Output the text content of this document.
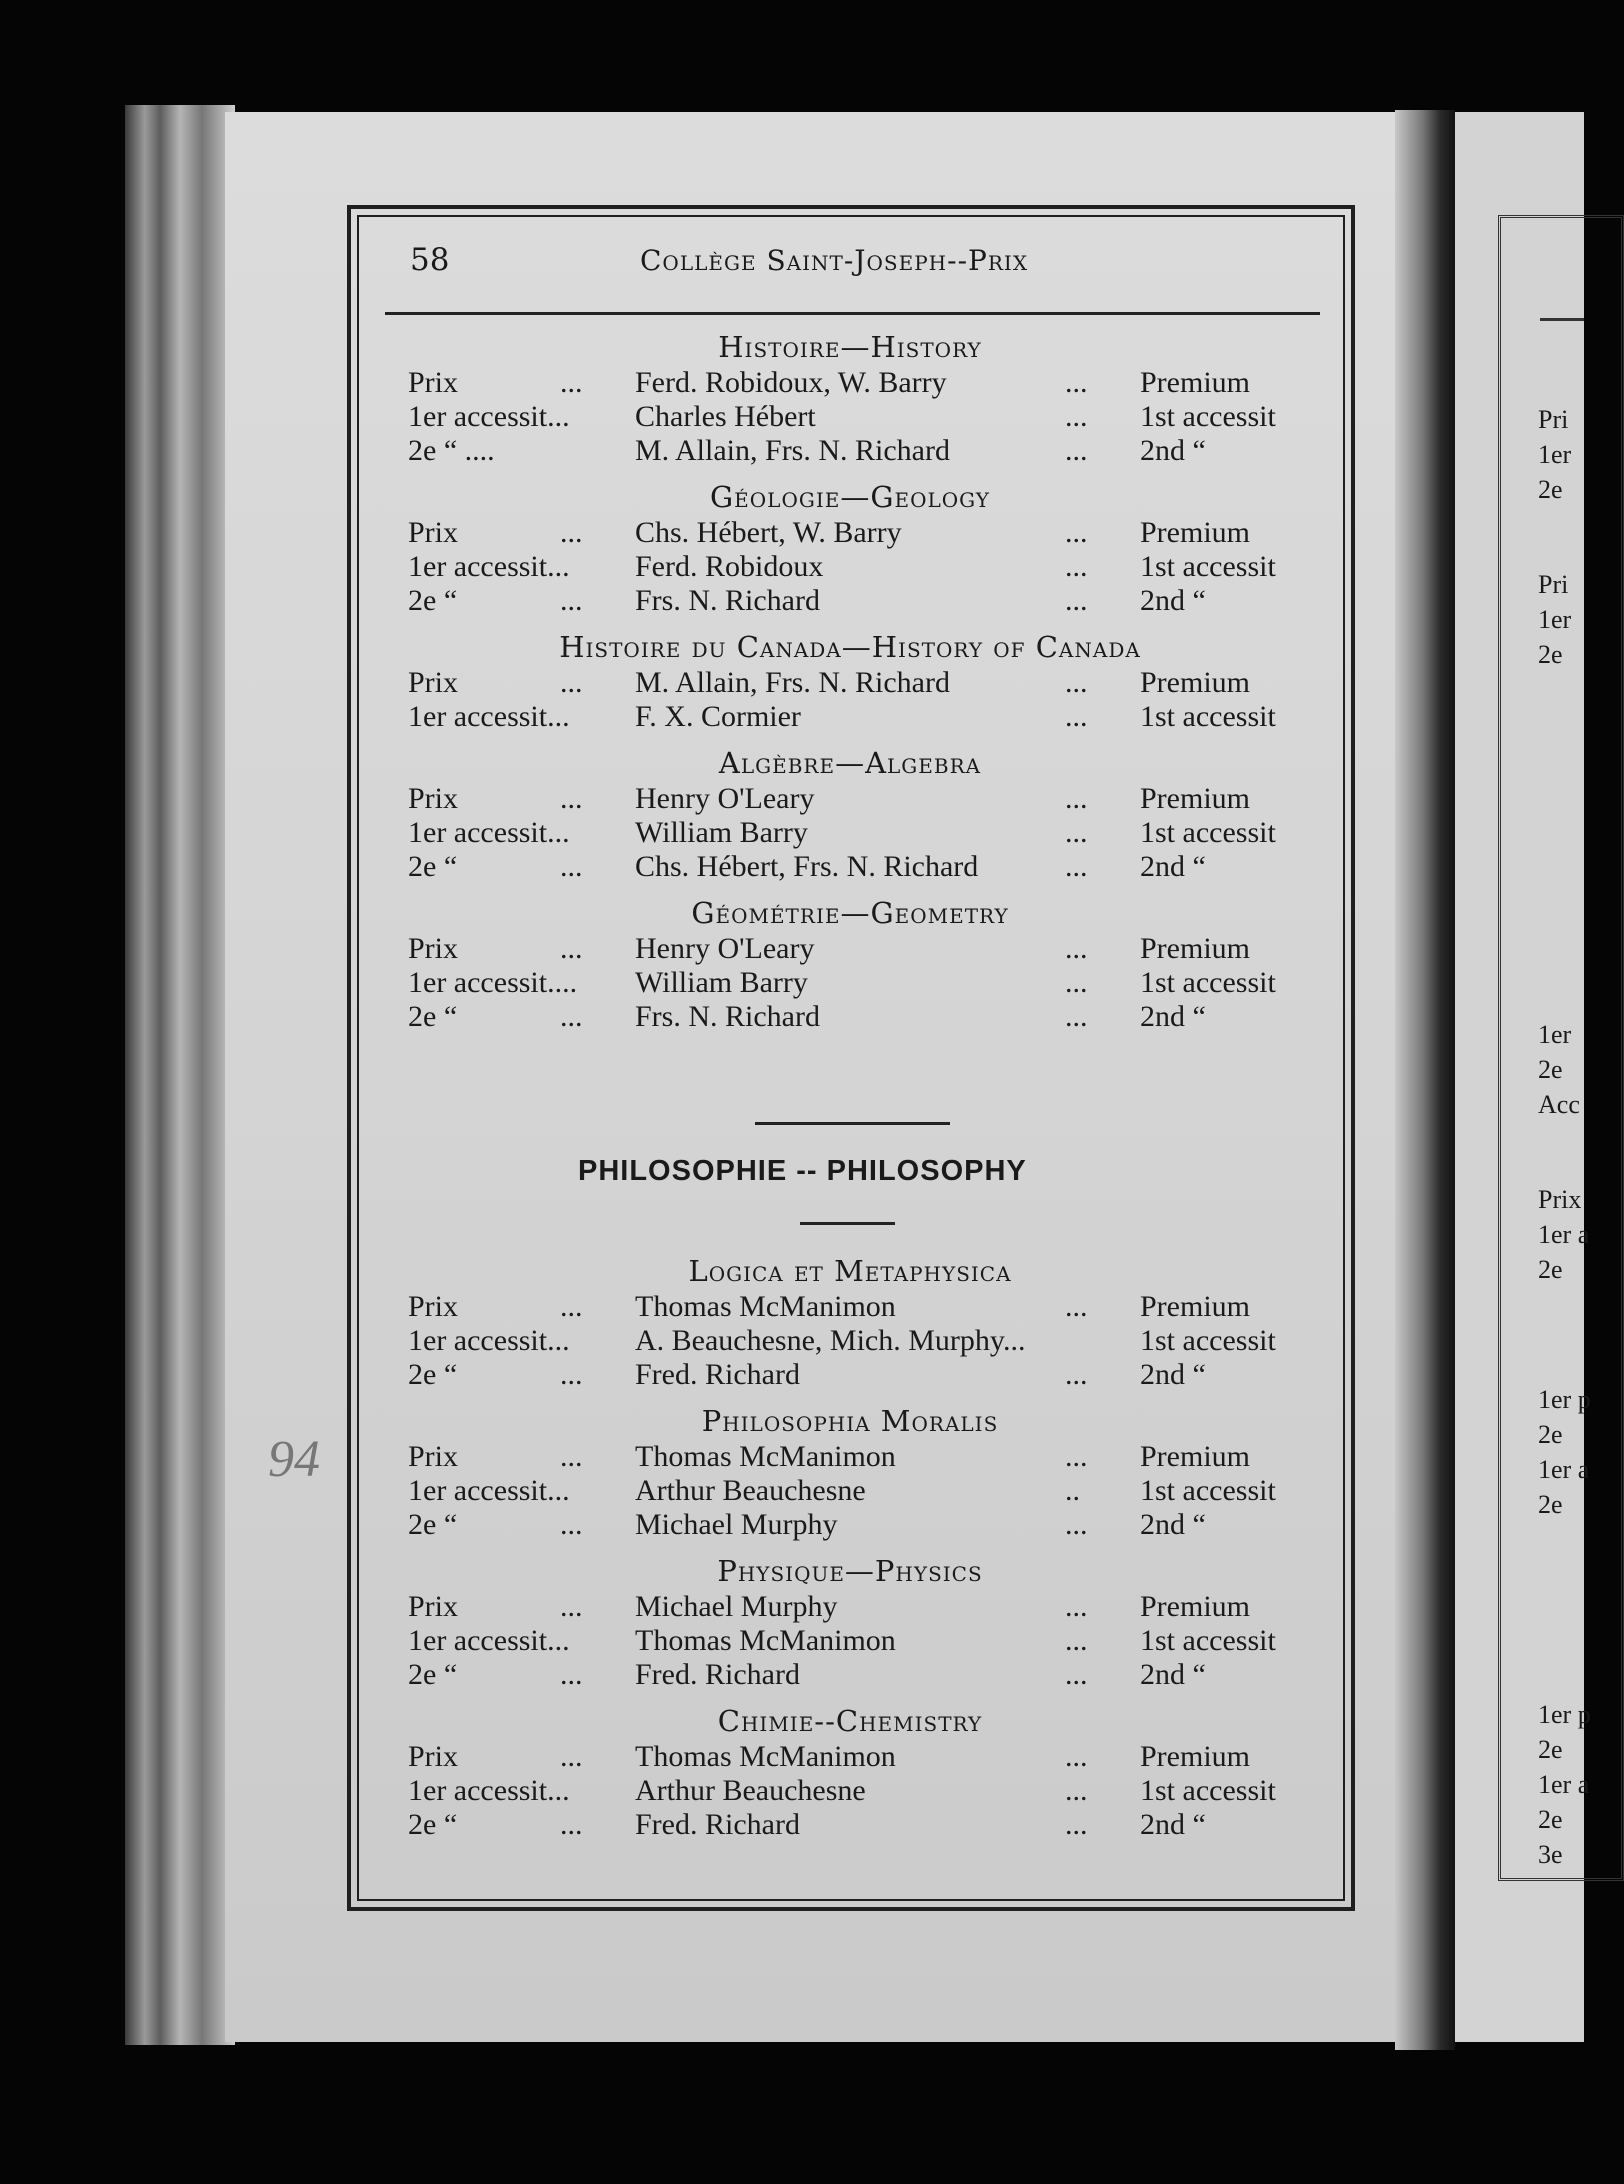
Pri
1er
2e
Pri
1er
2e
1er
2e
Acc
Prix
1er a
2e
1er p
2e
1er a
2e
1er p
2e
1er a
2e
3e
58	Collège Saint-Joseph--Prix
Histoire—History
Prix	... Ferd. Robidoux, W. Barry	... Premium
1er accessit... Charles Hébert	... 1st accessit
2e “ ....	M. Allain, Frs. N. Richard	... 2nd “
Géologie—Geology
Prix	... Chs. Hébert, W. Barry	... Premium
1er accessit... Ferd. Robidoux	... 1st accessit
2e “	... Frs. N. Richard	... 2nd “
Histoire du Canada—History of Canada
Prix	... M. Allain, Frs. N. Richard	... Premium
1er accessit... F. X. Cormier	... 1st accessit
Algèbre—Algebra
Prix	... Henry O'Leary	... Premium
1er accessit... William Barry	... 1st accessit
2e “	... Chs. Hébert, Frs. N. Richard	... 2nd “
Géométrie—Geometry
Prix	... Henry O'Leary	... Premium
1er accessit.... William Barry	... 1st accessit
2e “	... Frs. N. Richard	... 2nd “
PHILOSOPHIE -- PHILOSOPHY
Logica et Metaphysica
Prix	... Thomas McManimon	... Premium
1er accessit... A. Beauchesne, Mich. Murphy...	1st accessit
2e “	... Fred. Richard	... 2nd “
Philosophia Moralis
Prix	... Thomas McManimon	... Premium
1er accessit... Arthur Beauchesne	.. 1st accessit
2e “	... Michael Murphy	... 2nd “
Physique—Physics
Prix	... Michael Murphy	... Premium
1er accessit... Thomas McManimon	... 1st accessit
2e “	... Fred. Richard	... 2nd “
Chimie--Chemistry
Prix	... Thomas McManimon	... Premium
1er accessit... Arthur Beauchesne	... 1st accessit
2e “	... Fred. Richard	... 2nd “
94
